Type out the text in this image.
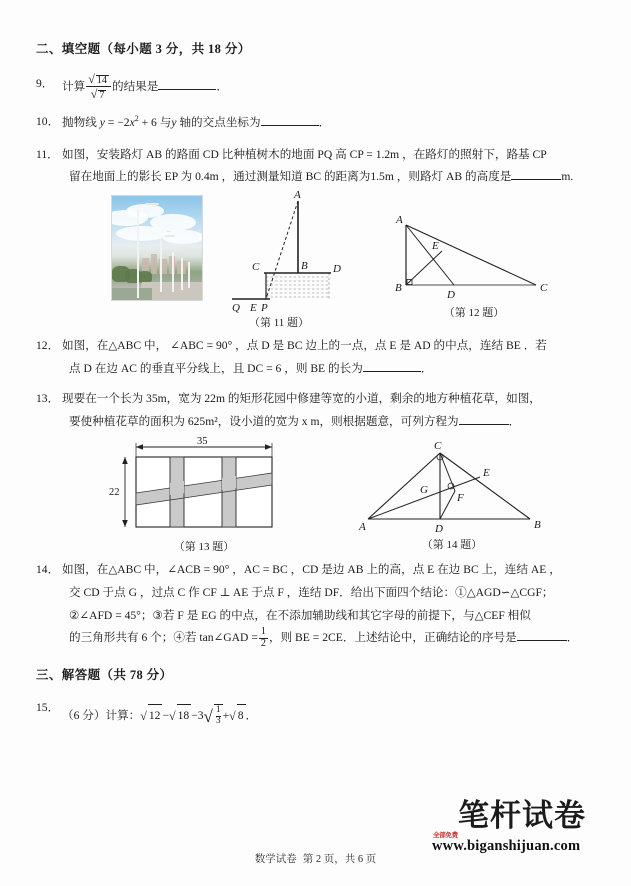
二、填空题（每小题 3 分，共 18 分）
9． 计算 $\frac{√ 14}{√ 7}$ 的结果是	．
10． 抛物线 $y = -2x^2 + 6$ 与y 轴的交点坐标为	．
11． 如图，安装路灯 AB 的路面 CD 比种植树木的地面 PQ 高 CP = 1.2m ，在路灯的照射下，路基 CP
留在地面上的影长 EP 为 0.4m ，通过测量知道 BC 的距离为1.5m ，则路灯 AB 的高度是	m.
A
B
C	D
E P
Q
（第 11 题）
A
B	C
D
E
（第 12 题）
12． 如图，在△ABC 中， ∠ABC = 90° ，点 D 是 BC 边上的一点，点 E 是 AD 的中点，连结 BE ．若
点 D 在边 AC 的垂直平分线上，且 DC = 6 ，则 BE 的长为	．
13． 现要在一个长为 35m，宽为 22m 的矩形花园中修建等宽的小道，剩余的地方种植花草，如图，
要使种植花草的面积为 625m²，设小道的宽为 x m，则根据题意，可列方程为	．
35
22
（第 13 题）
C
A	B
D
E
F
G
（第 14 题）
14． 如图，在△ABC 中，∠ACB = 90° ，AC = BC ，CD 是边 AB 上的高，点 E 在边 BC 上，连结 AE ，
交 CD 于点 G ，过点 C 作 CF ⊥ AE 于点 F ，连结 DF．给出下面四个结论：①△AGD∽△CGF；
②∠AFD = 45°；③若 F 是 EG 的中点，在不添加辅助线和其它字母的前提下，与△CEF 相似
的三角形共有 6 个；④若 tan∠GAD = $\frac{1}{2}$ ，则 BE = 2CE．上述结论中，正确结论的序号是	．
三、解答题（共 78 分）
15．
（6 分）计算：√ 12 −√ $18 -3√ \frac{1}{3}$ +√ 8 ．
笔杆试卷
全部免费
www.biganshijuan.com
数学试卷 第 2 页，共 6 页
